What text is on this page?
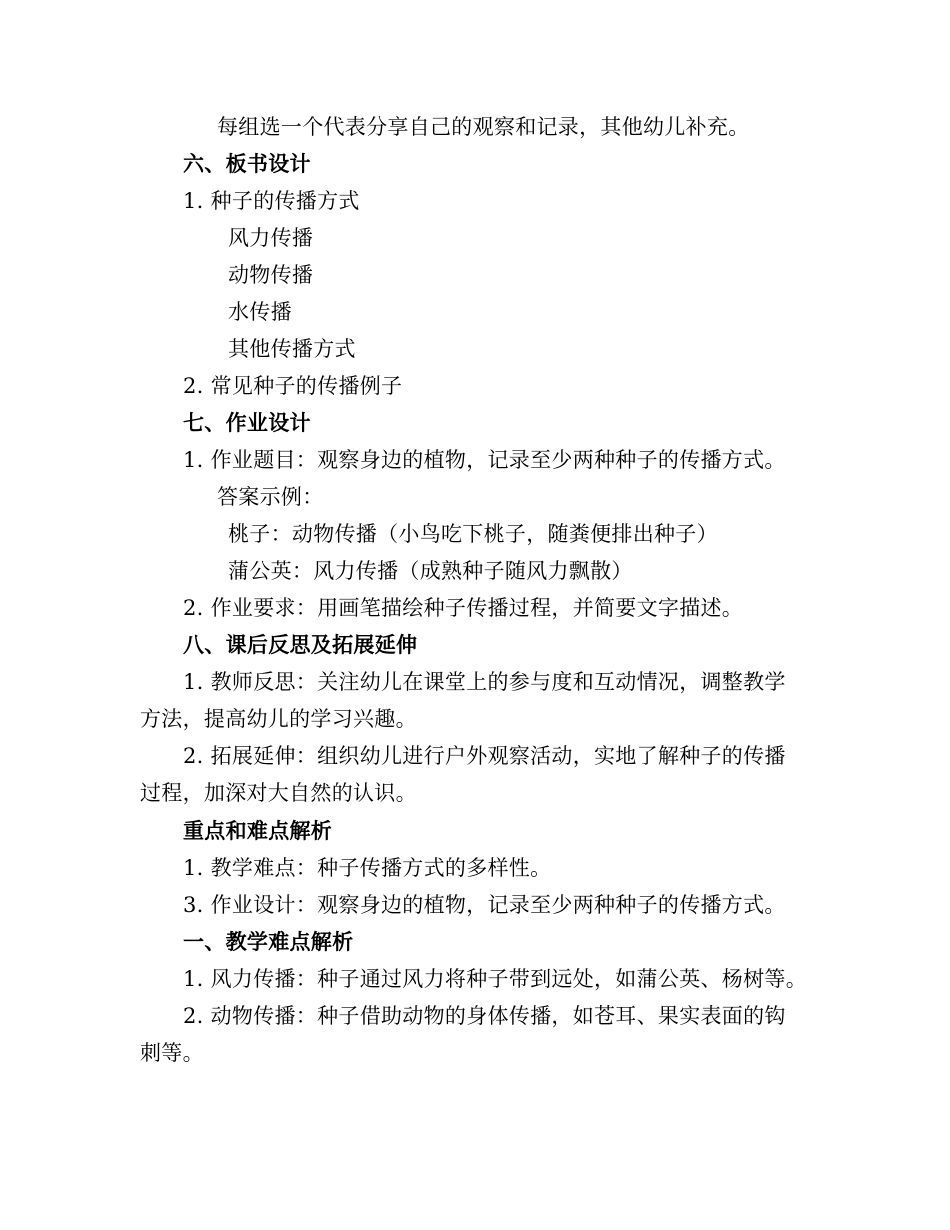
每组选一个代表分享自己的观察和记录，其他幼儿补充。
六、板书设计
1. 种子的传播方式
风力传播
动物传播
水传播
其他传播方式
2. 常见种子的传播例子
七、作业设计
1. 作业题目：观察身边的植物，记录至少两种种子的传播方式。
答案示例：
桃子：动物传播（小鸟吃下桃子，随粪便排出种子）
蒲公英：风力传播（成熟种子随风力飘散）
2. 作业要求：用画笔描绘种子传播过程，并简要文字描述。
八、课后反思及拓展延伸
1. 教师反思：关注幼儿在课堂上的参与度和互动情况，调整教学
方法，提高幼儿的学习兴趣。
2. 拓展延伸：组织幼儿进行户外观察活动，实地了解种子的传播
过程，加深对大自然的认识。
重点和难点解析
1. 教学难点：种子传播方式的多样性。
3. 作业设计：观察身边的植物，记录至少两种种子的传播方式。
一、教学难点解析
1. 风力传播：种子通过风力将种子带到远处，如蒲公英、杨树等。
2. 动物传播：种子借助动物的身体传播，如苍耳、果实表面的钩
刺等。
